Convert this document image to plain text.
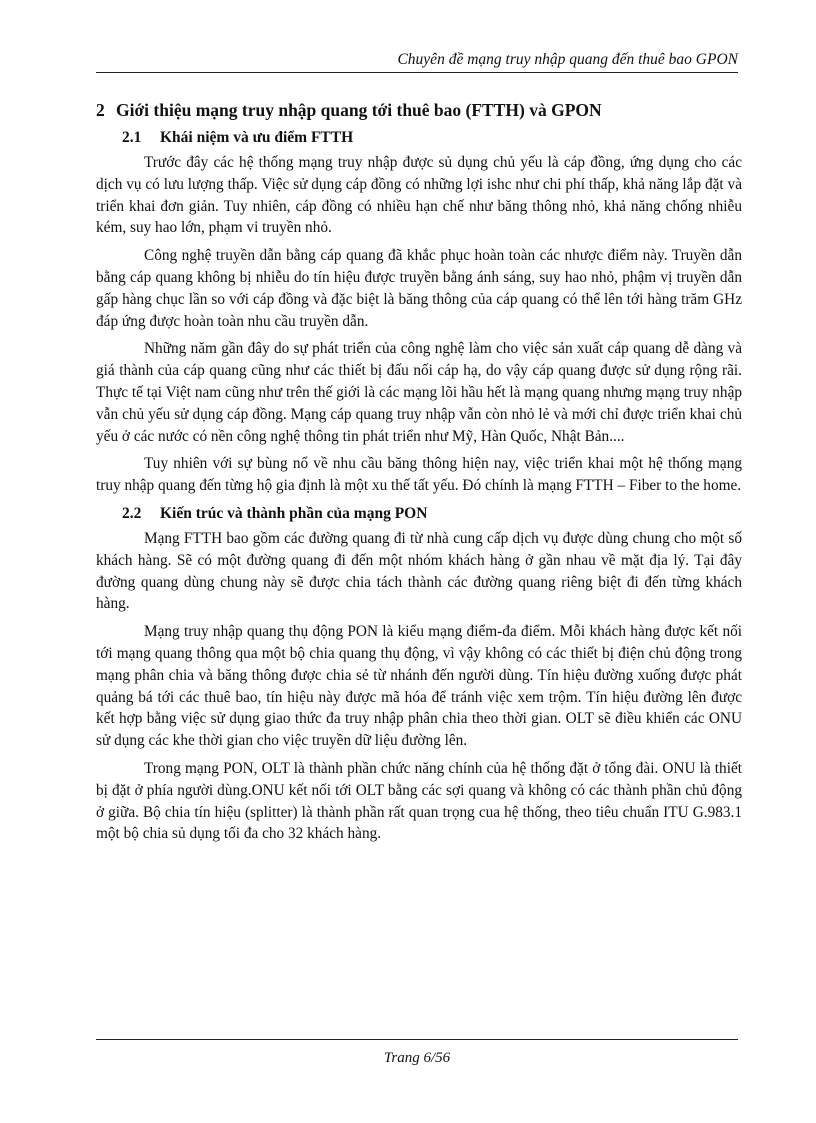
Chuyên đề mạng truy nhập quang đến thuê bao GPON
2 Giới thiệu mạng truy nhập quang tới thuê bao (FTTH) và GPON
2.1 Khái niệm và ưu điểm FTTH

Trước đây các hệ thống mạng truy nhập được sủ dụng chủ yếu là cáp đồng, ứng dụng cho các dịch vụ có lưu lượng thấp. Việc sử dụng cáp đồng có những lợi ishc như chi phí thấp, khả năng lắp đặt và triển khai đơn giản. Tuy nhiên, cáp đồng có nhiều hạn chế như băng thông nhỏ, khả năng chống nhiễu kém, suy hao lớn, phạm vi truyền nhỏ.

Công nghệ truyền dẫn bằng cáp quang đã khắc phục hoàn toàn các nhược điểm này. Truyền dẫn bằng cáp quang không bị nhiễu do tín hiệu được truyền bằng ánh sáng, suy hao nhỏ, phậm vị truyền dẫn gấp hàng chục lần so với cáp đồng và đặc biệt là băng thông của cáp quang có thể lên tới hàng trăm GHz đáp ứng được hoàn toàn nhu cầu truyền dẫn.

Những năm gần đây do sự phát triển của công nghệ làm cho việc sản xuất cáp quang dễ dàng và giá thành của cáp quang cũng như các thiết bị đấu nối cáp hạ, do vậy cáp quang được sử dụng rộng rãi. Thực tế tại Việt nam cũng như trên thế giới là các mạng lõi hầu hết là mạng quang nhưng mạng truy nhập vẫn chủ yếu sử dụng cáp đồng. Mạng cáp quang truy nhập vẫn còn nhỏ lẻ và mới chỉ được triển khai chủ yếu ở các nước có nền công nghệ thông tin phát triển như Mỹ, Hàn Quốc, Nhật Bản....

Tuy nhiên với sự bùng nổ về nhu cầu băng thông hiện nay, việc triển khai một hệ thống mạng truy nhập quang đến từng hộ gia định là một xu thế tất yếu. Đó chính là mạng FTTH – Fiber to the home.

2.2 Kiến trúc và thành phần của mạng PON

Mạng FTTH bao gồm các đường quang đi từ nhà cung cấp dịch vụ được dùng chung cho một số khách hàng. Sẽ có một đường quang đi đến một nhóm khách hàng ở gần nhau về mặt địa lý. Tại đây đường quang dùng chung này sẽ được chia tách thành các đường quang riêng biệt đi đến từng khách hàng.

Mạng truy nhập quang thụ động PON là kiểu mạng điểm-đa điểm. Mỗi khách hàng được kết nối tới mạng quang thông qua một bộ chia quang thụ động, vì vậy không có các thiết bị điện chủ động trong mạng phân chia và băng thông được chia sẻ từ nhánh đến người dùng. Tín hiệu đường xuống được phát quảng bá tới các thuê bao, tín hiệu này được mã hóa để tránh việc xem trộm. Tín hiệu đường lên được kết hợp bằng việc sử dụng giao thức đa truy nhập phân chia theo thời gian. OLT sẽ điều khiển các ONU sử dụng các khe thời gian cho việc truyền dữ liệu đường lên.

Trong mạng PON, OLT là thành phần chức năng chính của hệ thống đặt ở tổng đài. ONU là thiết bị đặt ở phía người dùng.ONU kết nối tới OLT bằng các sợi quang và không có các thành phần chủ động ở giữa. Bộ chia tín hiệu (splitter) là thành phần rất quan trọng cua hệ thống, theo tiêu chuẩn ITU G.983.1 một bộ chia sủ dụng tối đa cho 32 khách hàng.

Trang 6/56
